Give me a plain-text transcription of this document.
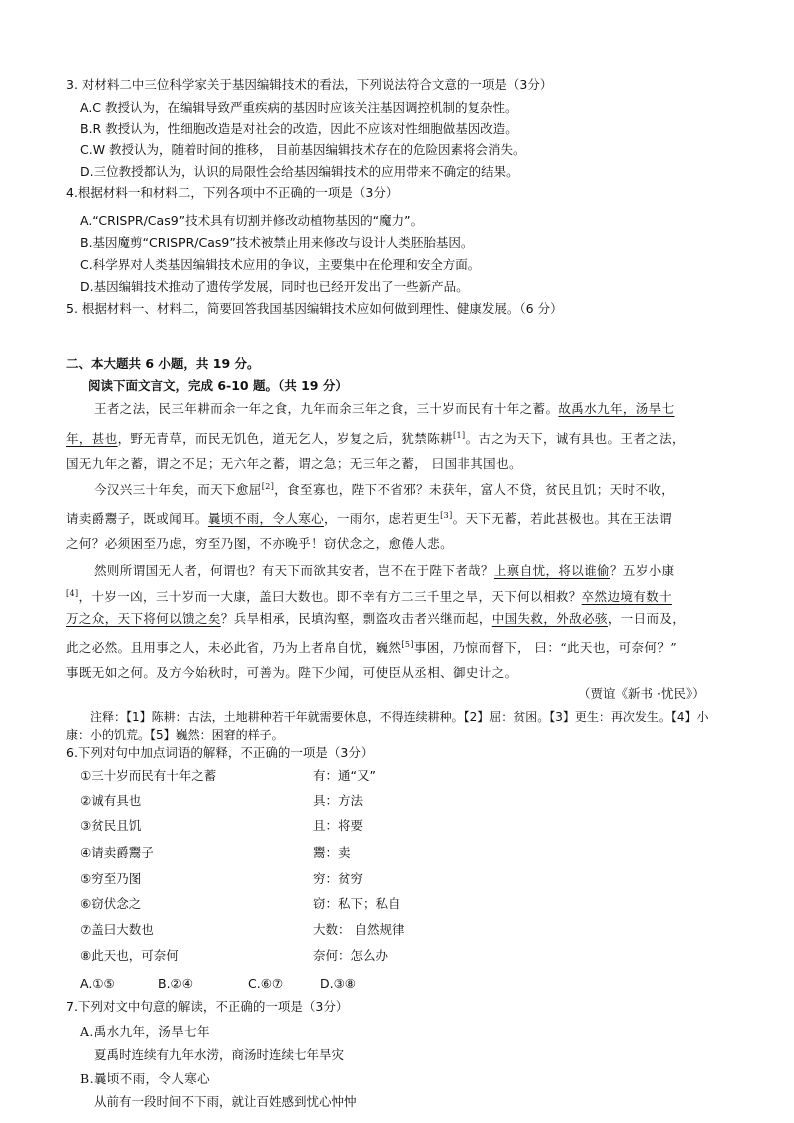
3. 对材料二中三位科学家关于基因编辑技术的看法，下列说法符合文意的一项是（3分）
A.C 教授认为，在编辑导致严重疾病的基因时应该关注基因调控机制的复杂性。
B.R 教授认为，性细胞改造是对社会的改造，因此不应该对性细胞做基因改造。
C.W 教授认为，随着时间的推移， 目前基因编辑技术存在的危险因素将会消失。
D.三位教授都认为，认识的局限性会给基因编辑技术的应用带来不确定的结果。
4.根据材料一和材料二，下列各项中不正确的一项是（3分）
A.“CRISPR/Cas9”技术具有切割并修改动植物基因的“魔力”。
B.基因魔剪“CRISPR/Cas9”技术被禁止用来修改与设计人类胚胎基因。
C.科学界对人类基因编辑技术应用的争议，主要集中在伦理和安全方面。
D.基因编辑技术推动了遗传学发展，同时也已经开发出了一些新产品。
5. 根据材料一、材料二，简要回答我国基因编辑技术应如何做到理性、健康发展。（6 分）
二、本大题共 6 小题，共 19 分。
阅读下面文言文，完成 6-10 题。（共 19 分）
王者之法，民三年耕而余一年之食，九年而余三年之食，三十岁而民有十年之蓄。故禹水九年，汤旱七
年，甚也，野无青草，而民无饥色，道无乞人，岁复之后，犹禁陈耕[1]。古之为天下，诚有具也。王者之法，
国无九年之蓄，谓之不足；无六年之蓄，谓之急；无三年之蓄， 曰国非其国也。
今汉兴三十年矣，而天下愈屈[2]，食至寡也，陛下不省邪？未获年，富人不贷，贫民且饥；天时不收，
请卖爵鬻子，既或闻耳。曩顷不雨，令人寒心，一雨尔，虑若更生[3]。天下无蓄，若此甚极也。其在王法谓
之何？必须困至乃虑，穷至乃图，不亦晚乎！窃伏念之，愈倦人悲。
然则所谓国无人者，何谓也？有天下而欲其安者，岂不在于陛下者哉？上禀自忧，将以谁偷？五岁小康
[4]，十岁一凶，三十岁而一大康，盖曰大数也。即不幸有方二三千里之旱，天下何以相救？卒然边境有数十
万之众，天下将何以馈之矣？兵旱相承，民填沟壑，剽盗攻击者兴继而起，中国失救，外敌必骇，一日而及，
此之必然。且用事之人，未必此省，乃为上者帛自忧，巍然[5]事困，乃惊而督下， 曰：“此天也，可奈何？”
事既无如之何。及方今始秋时，可善为。陛下少闻，可使臣从丞相、御史计之。
（贾谊《新书 ·忧民》）
注释：【1】陈耕：古法，土地耕种若干年就需要休息，不得连续耕种。【2】屈：贫困。【3】更生：再次发生。【4】小
康：小的饥荒。【5】巍然：困窘的样子。
6.下列对句中加点词语的解释，不正确的一项是（3分）
①三十岁而民有十年之蓄	有：通“又”
②诚有具也	具：方法
③贫民且饥	且：将要
④请卖爵鬻子	鬻：卖
⑤穷至乃图	穷：贫穷
⑥窃伏念之	窃：私下；私自
⑦盖曰大数也	大数： 自然规律
⑧此天也，可奈何	奈何：怎么办
A.①⑤	B.②④	C.⑥⑦	D.③⑧
7.下列对文中句意的解读，不正确的一项是（3分）
A.禹水九年，汤旱七年
夏禹时连续有九年水涝，商汤时连续七年旱灾
B.曩顷不雨，令人寒心
从前有一段时间不下雨，就让百姓感到忧心忡忡
